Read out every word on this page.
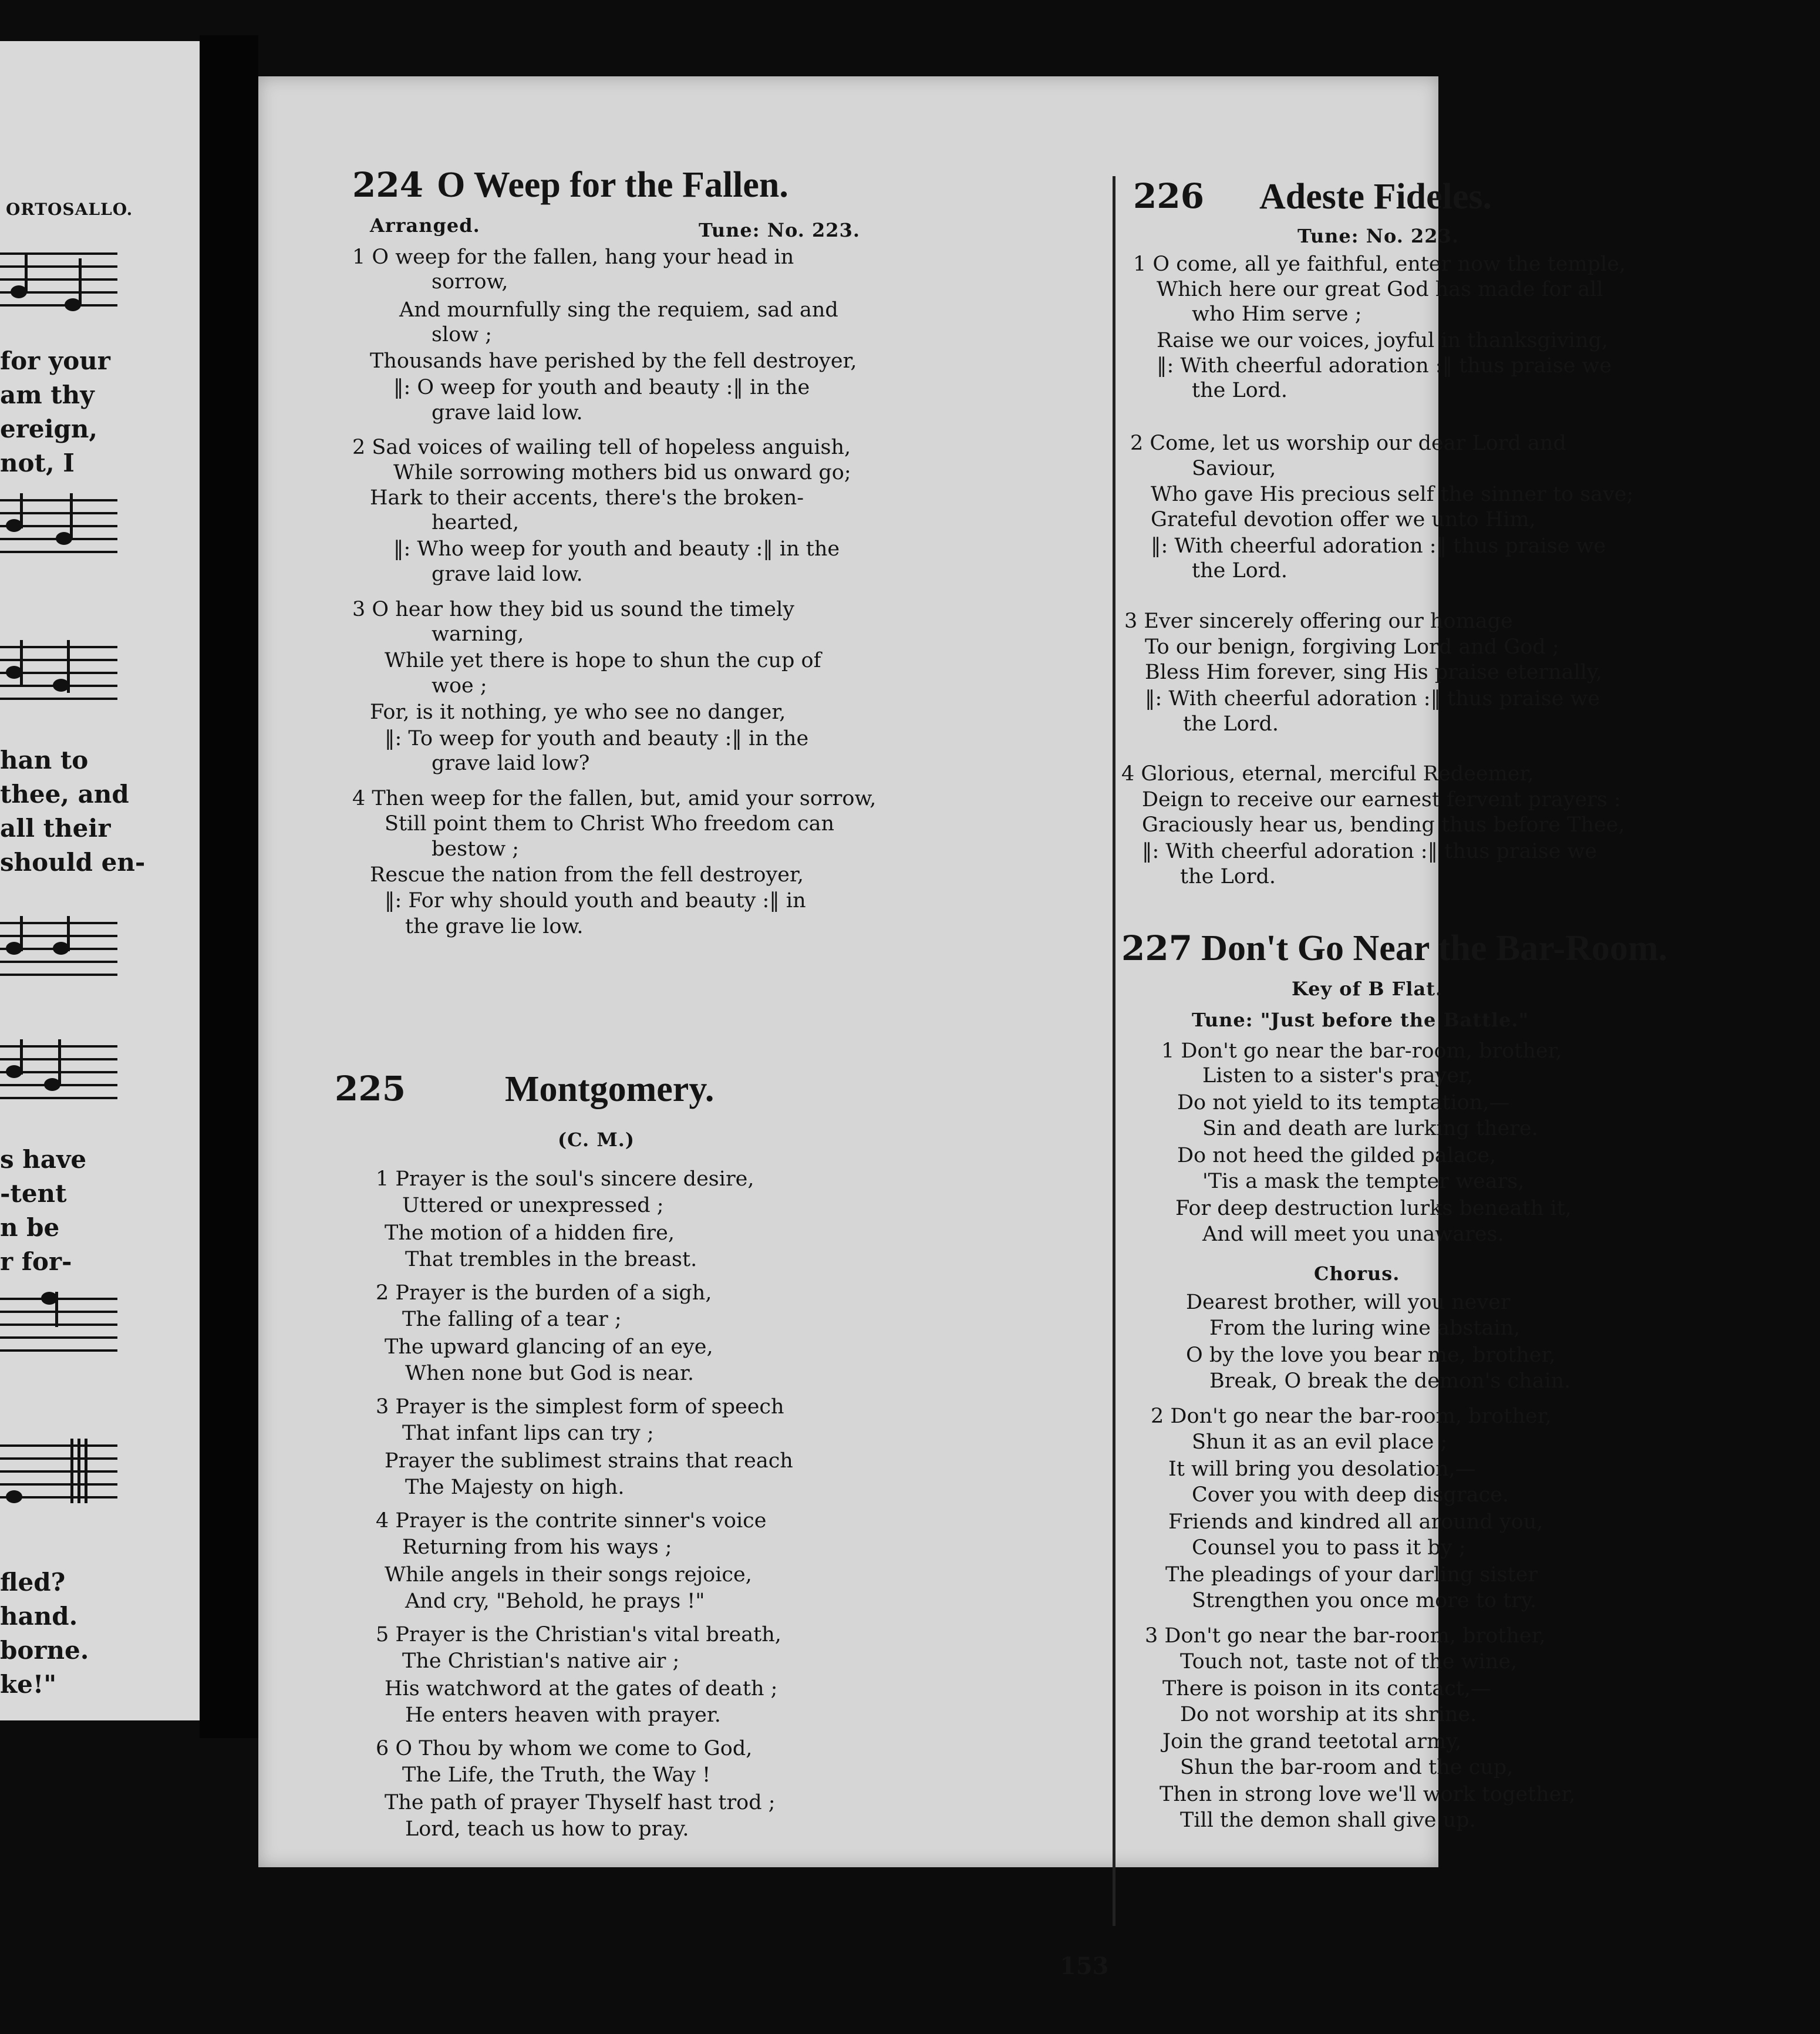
ORTOSALLO.
for your
am thy
ereign,
not, I
han to
thee, and
all their
should en-
s have
-tent
n be
r for-
fled?
hand.
borne.
ke!"
224 O Weep for the Fallen.
Arranged.	Tune: No. 223.
1 O weep for the fallen, hang your head in
sorrow,
And mournfully sing the requiem, sad and
slow ;
Thousands have perished by the fell destroyer,
‖: O weep for youth and beauty :‖ in the
grave laid low.
2 Sad voices of wailing tell of hopeless anguish,
While sorrowing mothers bid us onward go;
Hark to their accents, there's the broken-
hearted,
‖: Who weep for youth and beauty :‖ in the
grave laid low.
3 O hear how they bid us sound the timely
warning,
While yet there is hope to shun the cup of
woe ;
For, is it nothing, ye who see no danger,
‖: To weep for youth and beauty :‖ in the
grave laid low?
4 Then weep for the fallen, but, amid your sorrow,
Still point them to Christ Who freedom can
bestow ;
Rescue the nation from the fell destroyer,
‖: For why should youth and beauty :‖ in
the grave lie low.
225	Montgomery.
(C. M.)
1 Prayer is the soul's sincere desire,
Uttered or unexpressed ;
The motion of a hidden fire,
That trembles in the breast.
2 Prayer is the burden of a sigh,
The falling of a tear ;
The upward glancing of an eye,
When none but God is near.
3 Prayer is the simplest form of speech
That infant lips can try ;
Prayer the sublimest strains that reach
The Majesty on high.
4 Prayer is the contrite sinner's voice
Returning from his ways ;
While angels in their songs rejoice,
And cry, "Behold, he prays !"
5 Prayer is the Christian's vital breath,
The Christian's native air ;
His watchword at the gates of death ;
He enters heaven with prayer.
6 O Thou by whom we come to God,
The Life, the Truth, the Way !
The path of prayer Thyself hast trod ;
Lord, teach us how to pray.
226 Adeste Fideles.
Tune: No. 223.
1 O come, all ye faithful, enter now the temple,
Which here our great God has made for all
who Him serve ;
Raise we our voices, joyful in thanksgiving,
‖: With cheerful adoration :‖ thus praise we
the Lord.
2 Come, let us worship our dear Lord and
Saviour,
Who gave His precious self the sinner to save;
Grateful devotion offer we unto Him,
‖: With cheerful adoration :‖ thus praise we
the Lord.
3 Ever sincerely offering our homage
To our benign, forgiving Lord and God ;
Bless Him forever, sing His praise eternally,
‖: With cheerful adoration :‖ thus praise we
the Lord.
4 Glorious, eternal, merciful Redeemer,
Deign to receive our earnest fervent prayers :
Graciously hear us, bending thus before Thee,
‖: With cheerful adoration :‖ thus praise we
the Lord.
227 Don't Go Near the Bar-Room.
Key of B Flat.
Tune: "Just before the Battle."
1 Don't go near the bar-room, brother,
Listen to a sister's prayer,
Do not yield to its temptation,—
Sin and death are lurking there.
Do not heed the gilded palace,
'Tis a mask the tempter wears,
For deep destruction lurks beneath it,
And will meet you unawares.
Chorus.
Dearest brother, will you never
From the luring wine abstain,
O by the love you bear me, brother,
Break, O break the demon's chain.
2 Don't go near the bar-room, brother,
Shun it as an evil place ;
It will bring you desolation,—
Cover you with deep disgrace.
Friends and kindred all around you,
Counsel you to pass it by ;
The pleadings of your darling sister
Strengthen you once more to try.
3 Don't go near the bar-room, brother,
Touch not, taste not of the wine,
There is poison in its contact,—
Do not worship at its shrine.
Join the grand teetotal army,
Shun the bar-room and the cup,
Then in strong love we'll work together,
Till the demon shall give up.
153
